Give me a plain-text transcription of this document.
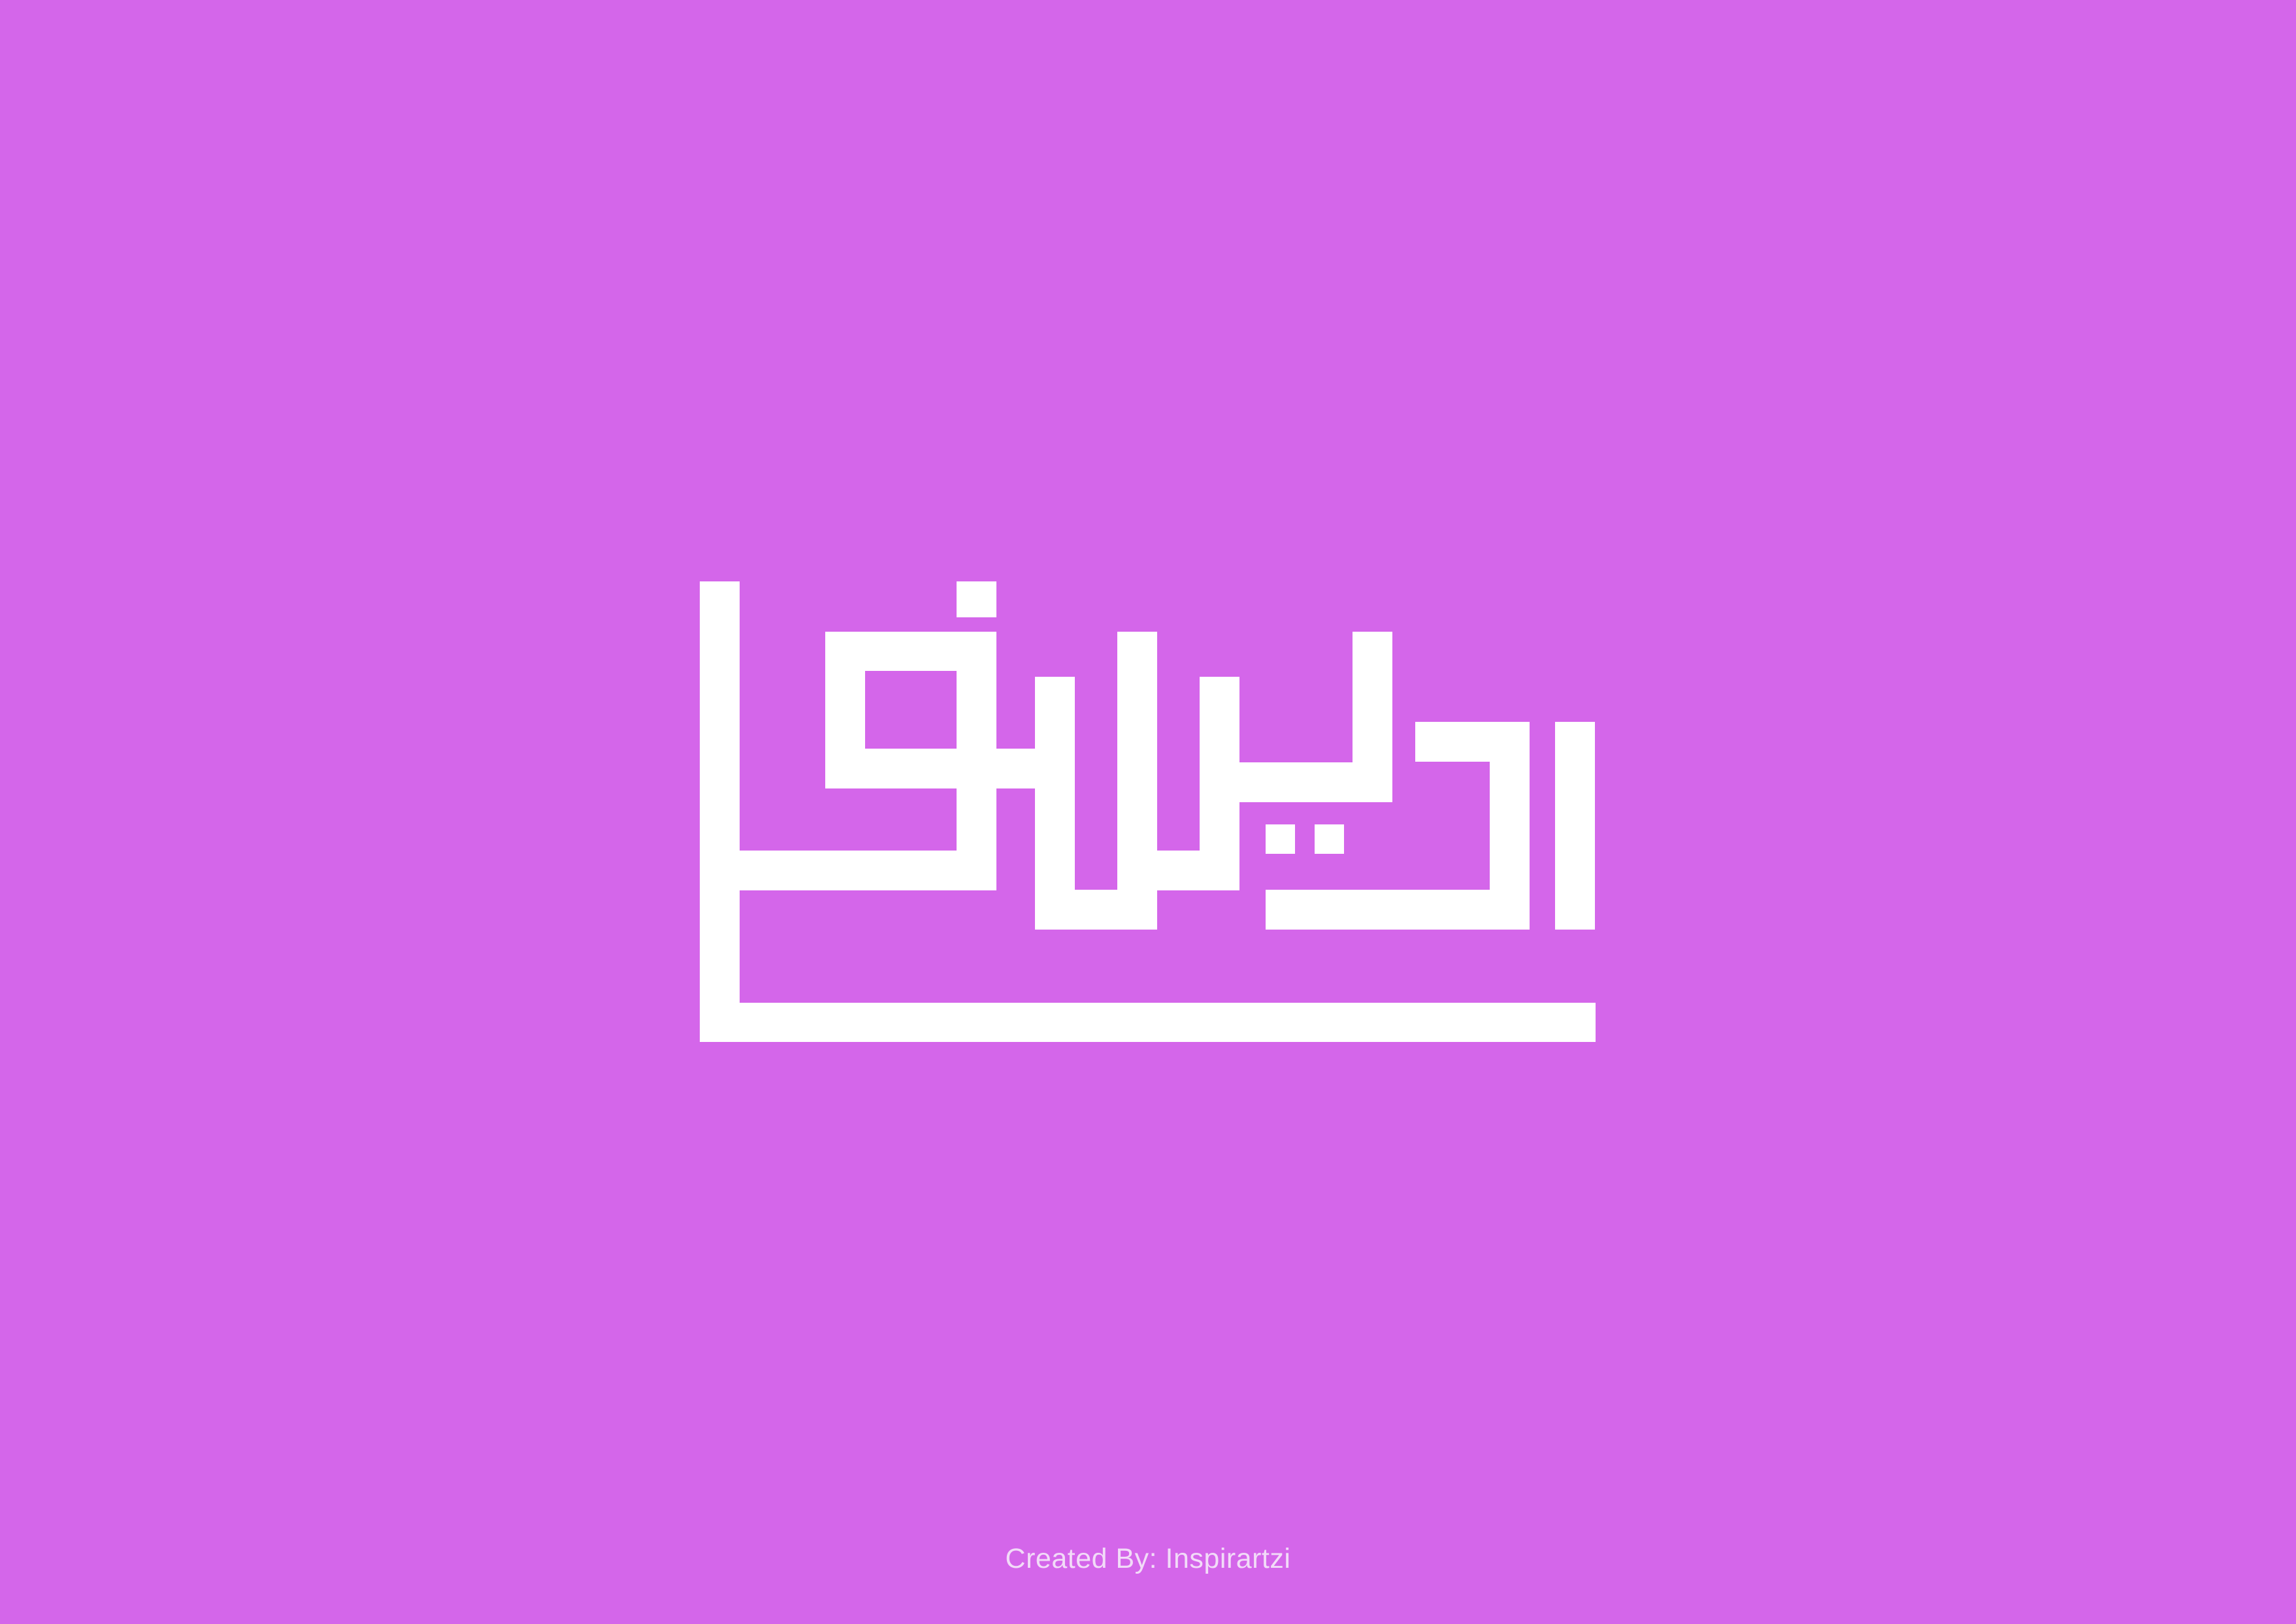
Created By: Inspirartzi
